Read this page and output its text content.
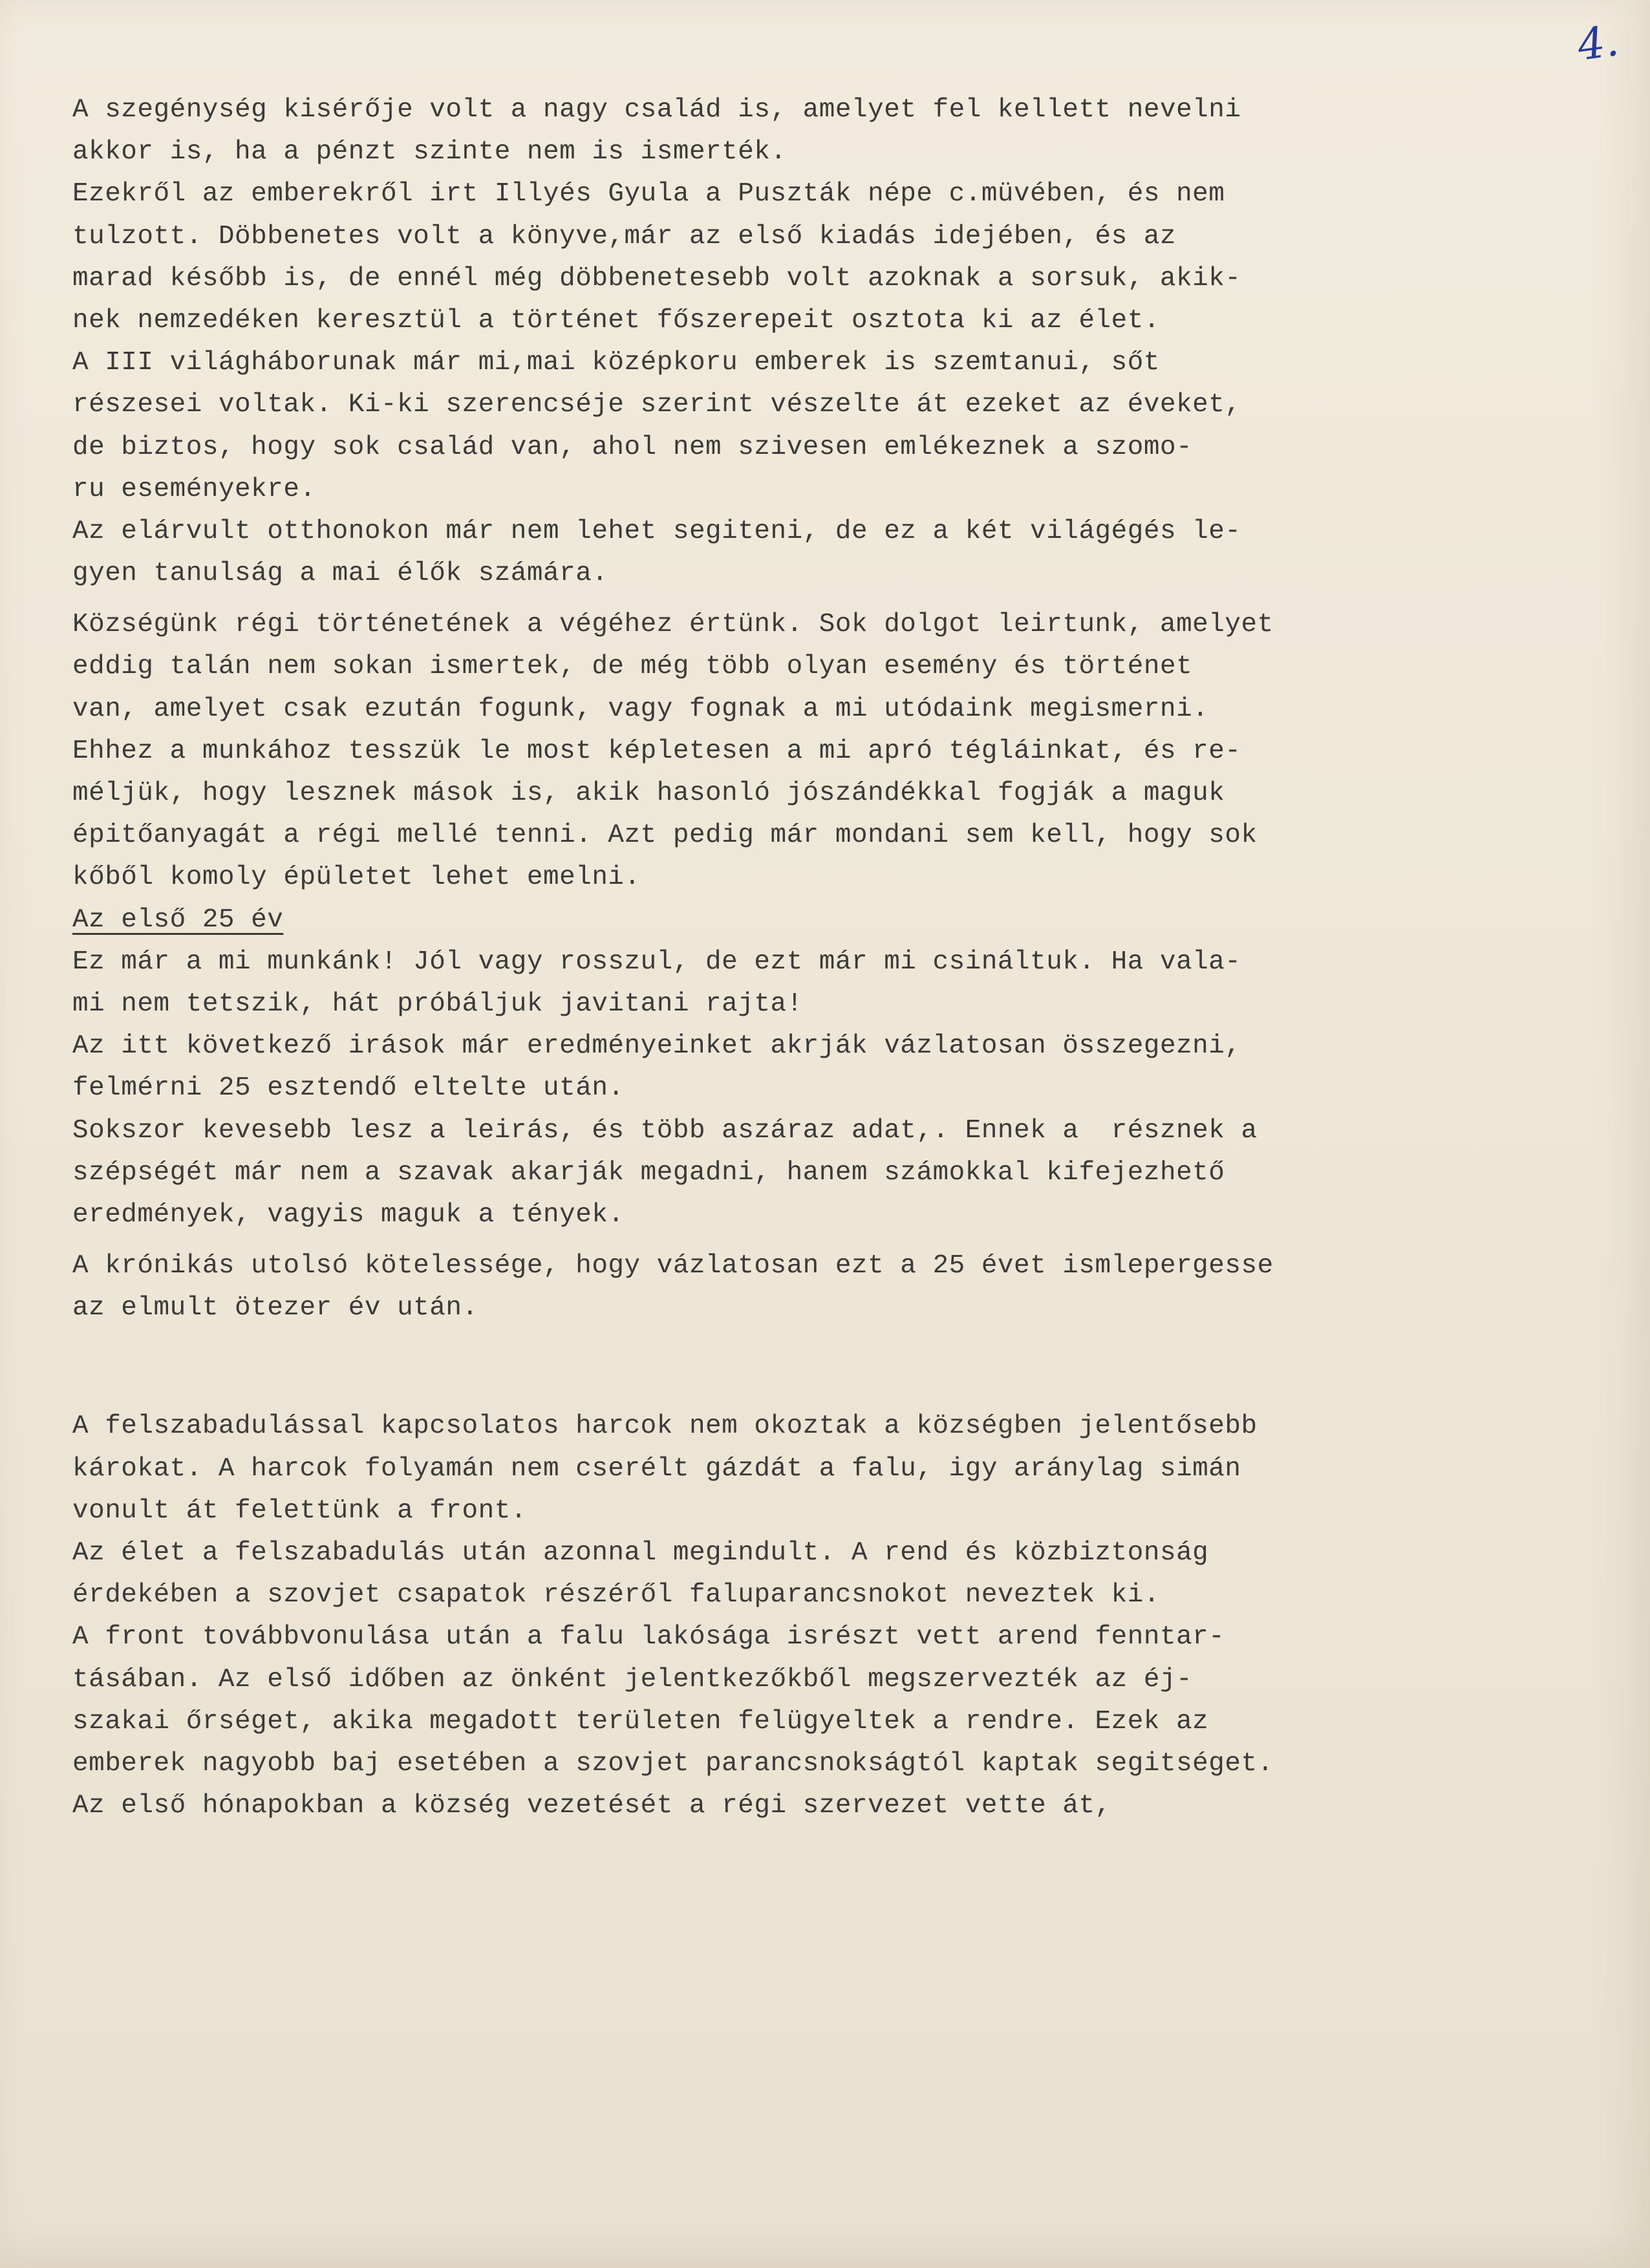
4.
A szegénység kisérője volt a nagy család is, amelyet fel kellett nevelni
akkor is, ha a pénzt szinte nem is ismerték.
Ezekről az emberekről irt Illyés Gyula a Puszták népe c.müvében, és nem
tulzott. Döbbenetes volt a könyve,már az első kiadás idejében, és az
marad később is, de ennél még döbbenetesebb volt azoknak a sorsuk, akik-
nek nemzedéken keresztül a történet főszerepeit osztota ki az élet.
A III világháborunak már mi,mai középkoru emberek is szemtanui, sőt
részesei voltak. Ki-ki szerencséje szerint vészelte át ezeket az éveket,
de biztos, hogy sok család van, ahol nem szivesen emlékeznek a szomo-
ru eseményekre.
Az elárvult otthonokon már nem lehet segiteni, de ez a két világégés le-
gyen tanulság a mai élők számára.
Községünk régi történetének a végéhez értünk. Sok dolgot leirtunk, amelyet
eddig talán nem sokan ismertek, de még több olyan esemény és történet
van, amelyet csak ezután fogunk, vagy fognak a mi utódaink megismerni.
Ehhez a munkához tesszük le most képletesen a mi apró tégláinkat, és re-
méljük, hogy lesznek mások is, akik hasonló jószándékkal fogják a maguk
épitőanyagát a régi mellé tenni. Azt pedig már mondani sem kell, hogy sok
kőből komoly épületet lehet emelni.
Az első 25 év
Ez már a mi munkánk! Jól vagy rosszul, de ezt már mi csináltuk. Ha vala-
mi nem tetszik, hát próbáljuk javitani rajta!
Az itt következő irások már eredményeinket akrják vázlatosan összegezni,
felmérni 25 esztendő eltelte után.
Sokszor kevesebb lesz a leirás, és több aszáraz adat,. Ennek a  résznek a
szépségét már nem a szavak akarják megadni, hanem számokkal kifejezhető
eredmények, vagyis maguk a tények.
A krónikás utolsó kötelessége, hogy vázlatosan ezt a 25 évet ismlepergesse
az elmult ötezer év után.
A felszabadulással kapcsolatos harcok nem okoztak a községben jelentősebb
károkat. A harcok folyamán nem cserélt gázdát a falu, igy aránylag simán
vonult át felettünk a front.
Az élet a felszabadulás után azonnal megindult. A rend és közbiztonság
érdekében a szovjet csapatok részéről faluparancsnokot neveztek ki.
A front továbbvonulása után a falu lakósága isrészt vett arend fenntar-
tásában. Az első időben az önként jelentkezőkből megszervezték az éj-
szakai őrséget, akika megadott területen felügyeltek a rendre. Ezek az
emberek nagyobb baj esetében a szovjet parancsnokságtól kaptak segitséget.
Az első hónapokban a község vezetését a régi szervezet vette át,
